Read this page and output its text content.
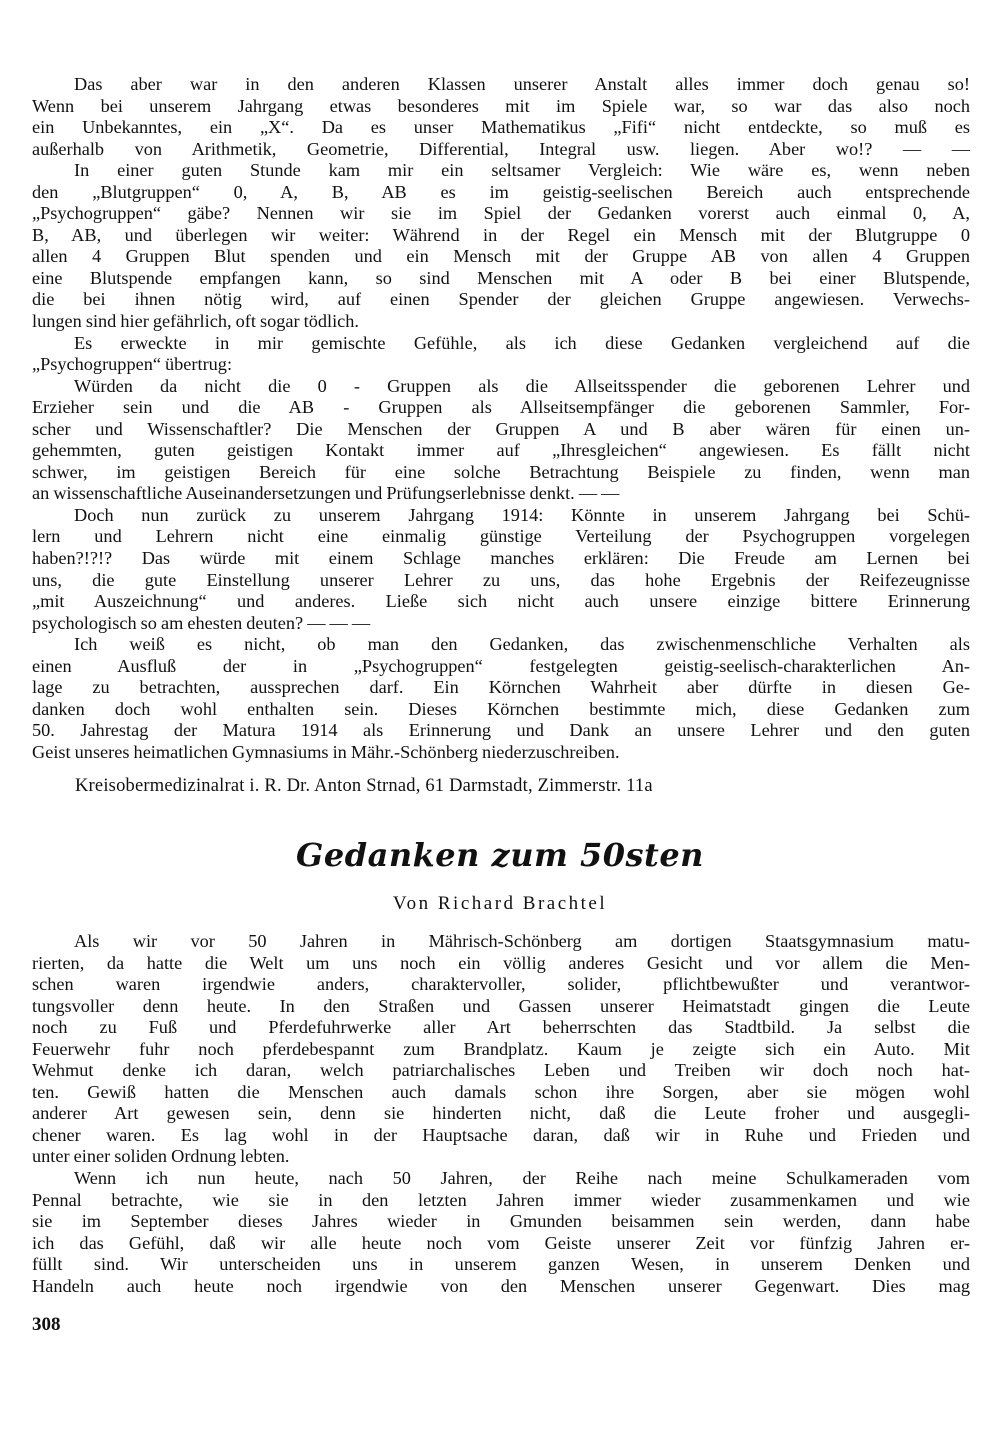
Das aber war in den anderen Klassen unserer Anstalt alles immer doch genau so!
Wenn bei unserem Jahrgang etwas besonderes mit im Spiele war, so war das also noch
ein Unbekanntes, ein „X“. Da es unser Mathematikus „Fifi“ nicht entdeckte, so muß es
außerhalb von Arithmetik, Geometrie, Differential, Integral usw. liegen. Aber wo!? — —
In einer guten Stunde kam mir ein seltsamer Vergleich: Wie wäre es, wenn neben
den „Blutgruppen“ 0, A, B, AB es im geistig-seelischen Bereich auch entsprechende
„Psychogruppen“ gäbe? Nennen wir sie im Spiel der Gedanken vorerst auch einmal 0, A,
B, AB, und überlegen wir weiter: Während in der Regel ein Mensch mit der Blutgruppe 0
allen 4 Gruppen Blut spenden und ein Mensch mit der Gruppe AB von allen 4 Gruppen
eine Blutspende empfangen kann, so sind Menschen mit A oder B bei einer Blutspende,
die bei ihnen nötig wird, auf einen Spender der gleichen Gruppe angewiesen. Verwechs-
lungen sind hier gefährlich, oft sogar tödlich.
Es erweckte in mir gemischte Gefühle, als ich diese Gedanken vergleichend auf die
„Psychogruppen“ übertrug:
Würden da nicht die 0 - Gruppen als die Allseitsspender die geborenen Lehrer und
Erzieher sein und die AB - Gruppen als Allseitsempfänger die geborenen Sammler, For-
scher und Wissenschaftler? Die Menschen der Gruppen A und B aber wären für einen un-
gehemmten, guten geistigen Kontakt immer auf „Ihresgleichen“ angewiesen. Es fällt nicht
schwer, im geistigen Bereich für eine solche Betrachtung Beispiele zu finden, wenn man
an wissenschaftliche Auseinandersetzungen und Prüfungserlebnisse denkt. — —
Doch nun zurück zu unserem Jahrgang 1914: Könnte in unserem Jahrgang bei Schü-
lern und Lehrern nicht eine einmalig günstige Verteilung der Psychogruppen vorgelegen
haben?!?!? Das würde mit einem Schlage manches erklären: Die Freude am Lernen bei
uns, die gute Einstellung unserer Lehrer zu uns, das hohe Ergebnis der Reifezeugnisse
„mit Auszeichnung“ und anderes. Ließe sich nicht auch unsere einzige bittere Erinnerung
psychologisch so am ehesten deuten? — — —
Ich weiß es nicht, ob man den Gedanken, das zwischenmenschliche Verhalten als
einen Ausfluß der in „Psychogruppen“ festgelegten geistig-seelisch-charakterlichen An-
lage zu betrachten, aussprechen darf. Ein Körnchen Wahrheit aber dürfte in diesen Ge-
danken doch wohl enthalten sein. Dieses Körnchen bestimmte mich, diese Gedanken zum
50. Jahrestag der Matura 1914 als Erinnerung und Dank an unsere Lehrer und den guten
Geist unseres heimatlichen Gymnasiums in Mähr.-Schönberg niederzuschreiben.
Kreisobermedizinalrat i. R. Dr. Anton Strnad, 61 Darmstadt, Zimmerstr. 11a
Gedanken zum 50sten
Von Richard Brachtel
Als wir vor 50 Jahren in Mährisch-Schönberg am dortigen Staatsgymnasium matu-
rierten, da hatte die Welt um uns noch ein völlig anderes Gesicht und vor allem die Men-
schen waren irgendwie anders, charaktervoller, solider, pflichtbewußter und verantwor-
tungsvoller denn heute. In den Straßen und Gassen unserer Heimatstadt gingen die Leute
noch zu Fuß und Pferdefuhrwerke aller Art beherrschten das Stadtbild. Ja selbst die
Feuerwehr fuhr noch pferdebespannt zum Brandplatz. Kaum je zeigte sich ein Auto. Mit
Wehmut denke ich daran, welch patriarchalisches Leben und Treiben wir doch noch hat-
ten. Gewiß hatten die Menschen auch damals schon ihre Sorgen, aber sie mögen wohl
anderer Art gewesen sein, denn sie hinderten nicht, daß die Leute froher und ausgegli-
chener waren. Es lag wohl in der Hauptsache daran, daß wir in Ruhe und Frieden und
unter einer soliden Ordnung lebten.
Wenn ich nun heute, nach 50 Jahren, der Reihe nach meine Schulkameraden vom
Pennal betrachte, wie sie in den letzten Jahren immer wieder zusammenkamen und wie
sie im September dieses Jahres wieder in Gmunden beisammen sein werden, dann habe
ich das Gefühl, daß wir alle heute noch vom Geiste unserer Zeit vor fünfzig Jahren er-
füllt sind. Wir unterscheiden uns in unserem ganzen Wesen, in unserem Denken und
Handeln auch heute noch irgendwie von den Menschen unserer Gegenwart. Dies mag
308
